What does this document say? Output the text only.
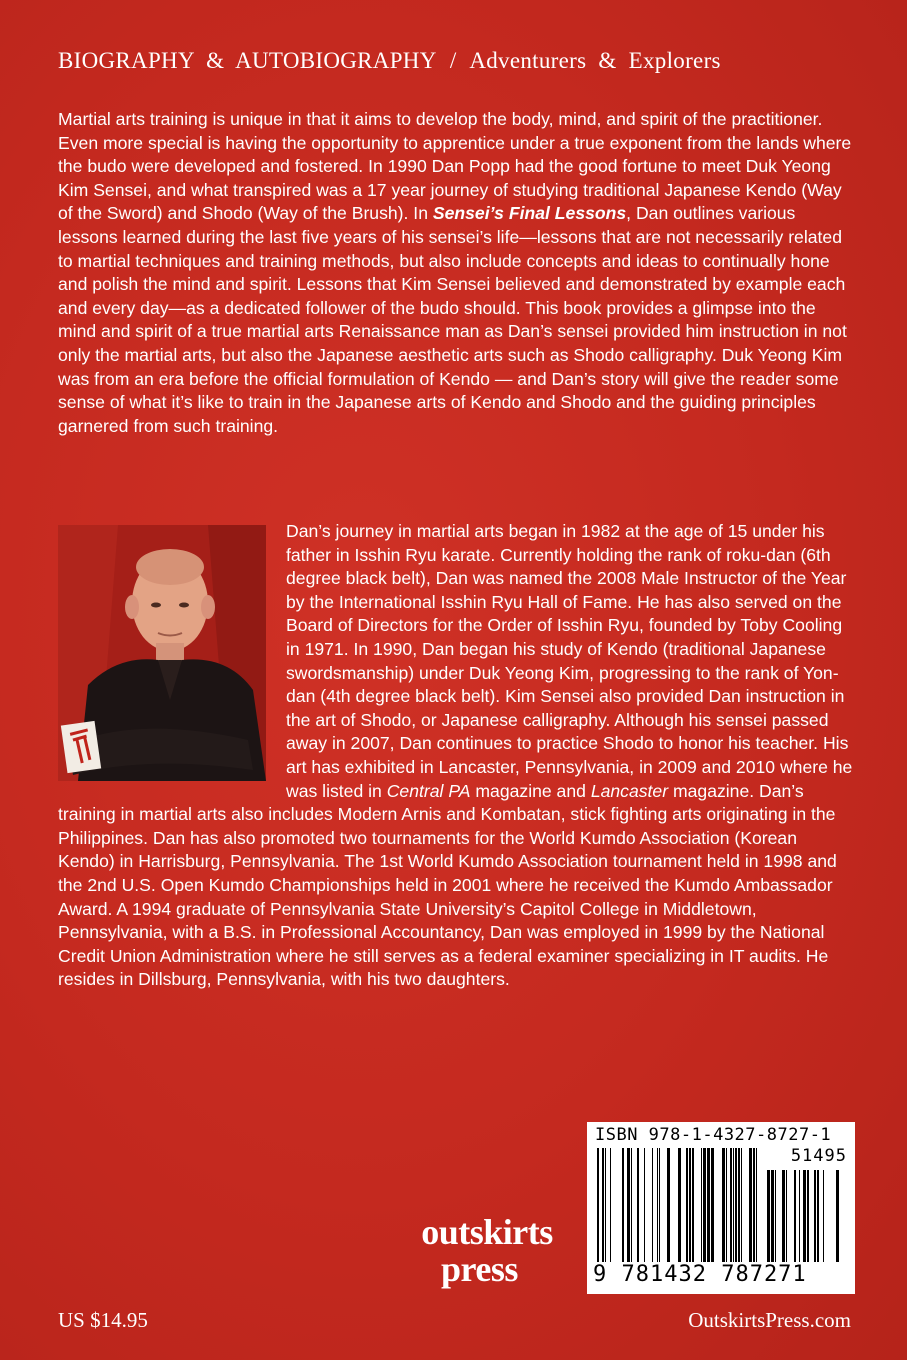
BIOGRAPHY & AUTOBIOGRAPHY / Adventurers & Explorers

Martial arts training is unique in that it aims to develop the body, mind, and spirit of the practitioner. Even more special is having the opportunity to apprentice under a true exponent from the lands where the budo were developed and fostered. In 1990 Dan Popp had the good fortune to meet Duk Yeong Kim Sensei, and what transpired was a 17 year journey of studying traditional Japanese Kendo (Way of the Sword) and Shodo (Way of the Brush). In Sensei’s Final Lessons, Dan outlines various lessons learned during the last five years of his sensei’s life—lessons that are not necessarily related to martial techniques and training methods, but also include concepts and ideas to continually hone and polish the mind and spirit. Lessons that Kim Sensei believed and demonstrated by example each and every day—as a dedicated follower of the budo should. This book provides a glimpse into the mind and spirit of a true martial arts Renaissance man as Dan’s sensei provided him instruction in not only the martial arts, but also the Japanese aesthetic arts such as Shodo calligraphy. Duk Yeong Kim was from an era before the official formulation of Kendo — and Dan’s story will give the reader some sense of what it’s like to train in the Japanese arts of Kendo and Shodo and the guiding principles garnered from such training.

Dan’s journey in martial arts began in 1982 at the age of 15 under his father in Isshin Ryu karate. Currently holding the rank of roku-dan (6th degree black belt), Dan was named the 2008 Male Instructor of the Year by the International Isshin Ryu Hall of Fame. He has also served on the Board of Directors for the Order of Isshin Ryu, founded by Toby Cooling in 1971. In 1990, Dan began his study of Kendo (traditional Japanese swordsmanship) under Duk Yeong Kim, progressing to the rank of Yon-dan (4th degree black belt). Kim Sensei also provided Dan instruction in the art of Shodo, or Japanese calligraphy. Although his sensei passed away in 2007, Dan continues to practice Shodo to honor his teacher. His art has exhibited in Lancaster, Pennsylvania, in 2009 and 2010 where he was listed in Central PA magazine and Lancaster magazine. Dan’s training in martial arts also includes Modern Arnis and Kombatan, stick fighting arts originating in the Philippines. Dan has also promoted two tournaments for the World Kumdo Association (Korean Kendo) in Harrisburg, Pennsylvania. The 1st World Kumdo Association tournament held in 1998 and the 2nd U.S. Open Kumdo Championships held in 2001 where he received the Kumdo Ambassador Award. A 1994 graduate of Pennsylvania State University’s Capitol College in Middletown, Pennsylvania, with a B.S. in Professional Accountancy, Dan was employed in 1999 by the National Credit Union Administration where he still serves as a federal examiner specializing in IT audits. He resides in Dillsburg, Pennsylvania, with his two daughters.

ISBN 978-1-4327-8727-1
51495
9 781432 787271
outskirts
press
US $14.95	OutskirtsPress.com
